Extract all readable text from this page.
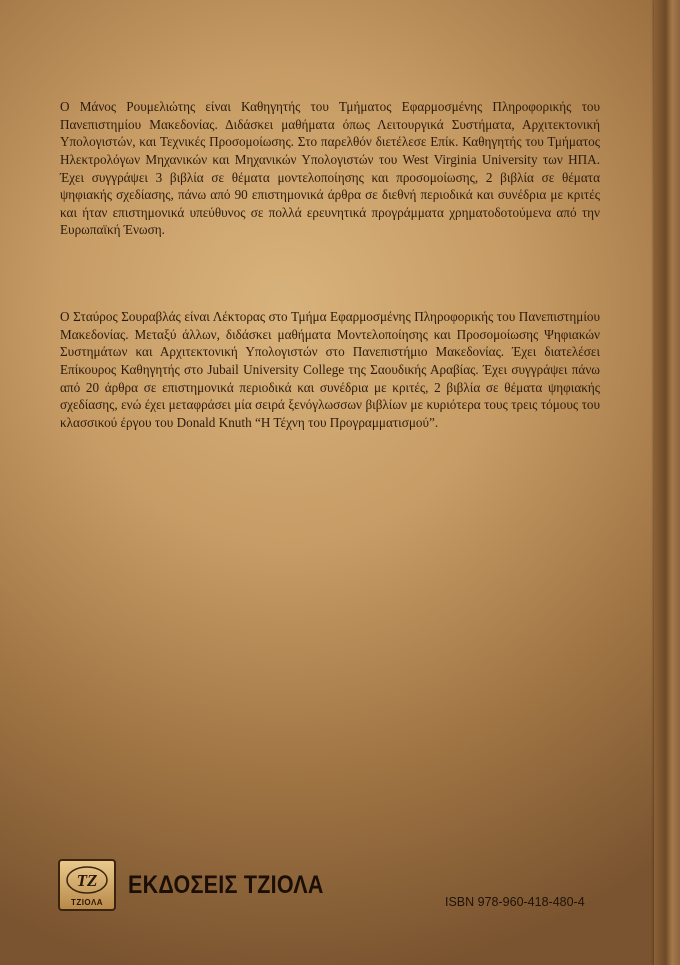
Ο Μάνος Ρουμελιώτης είναι Καθηγητής του Τμήματος Εφαρμοσμένης Πληροφορικής του Πανεπιστημίου Μακεδονίας. Διδάσκει μαθήματα όπως Λειτουργικά Συστήματα, Αρχιτεκτονική Υπολογιστών, και Τεχνικές Προσομοίωσης. Στο παρελθόν διετέλεσε Επίκ. Καθηγητής του Τμήματος Ηλεκτρολόγων Μηχανικών και Μηχανικών Υπολογιστών του West Virginia University των ΗΠΑ. Έχει συγγράψει 3 βιβλία σε θέματα μοντελοποίησης και προσομοίωσης, 2 βιβλία σε θέματα ψηφιακής σχεδίασης, πάνω από 90 επιστημονικά άρθρα σε διεθνή περιοδικά και συνέδρια με κριτές και ήταν επιστημονικά υπεύθυνος σε πολλά ερευνητικά προγράμματα χρηματοδοτούμενα από την Ευρωπαϊκή Ένωση.

Ο Σταύρος Σουραβλάς είναι Λέκτορας στο Τμήμα Εφαρμοσμένης Πληροφορικής του Πανεπιστημίου Μακεδονίας. Μεταξύ άλλων, διδάσκει μαθήματα Μοντελοποίησης και Προσομοίωσης Ψηφιακών Συστημάτων και Αρχιτεκτονική Υπολογιστών στο Πανεπιστήμιο Μακεδονίας. Έχει διατελέσει Επίκουρος Καθηγητής στο Jubail University College της Σαουδικής Αραβίας. Έχει συγγράψει πάνω από 20 άρθρα σε επιστημονικά περιοδικά και συνέδρια με κριτές, 2 βιβλία σε θέματα ψηφιακής σχεδίασης, ενώ έχει μεταφράσει μία σειρά ξενόγλωσσων βιβλίων με κυριότερα τους τρεις τόμους του κλασσικού έργου του Donald Knuth “Η Τέχνη του Προγραμματισμού”.

ΤΖ
ΤΖΙΟΛΑ
ΕΚΔΟΣΕΙΣ ΤΖΙΟΛΑ
ISBN 978-960-418-480-4
